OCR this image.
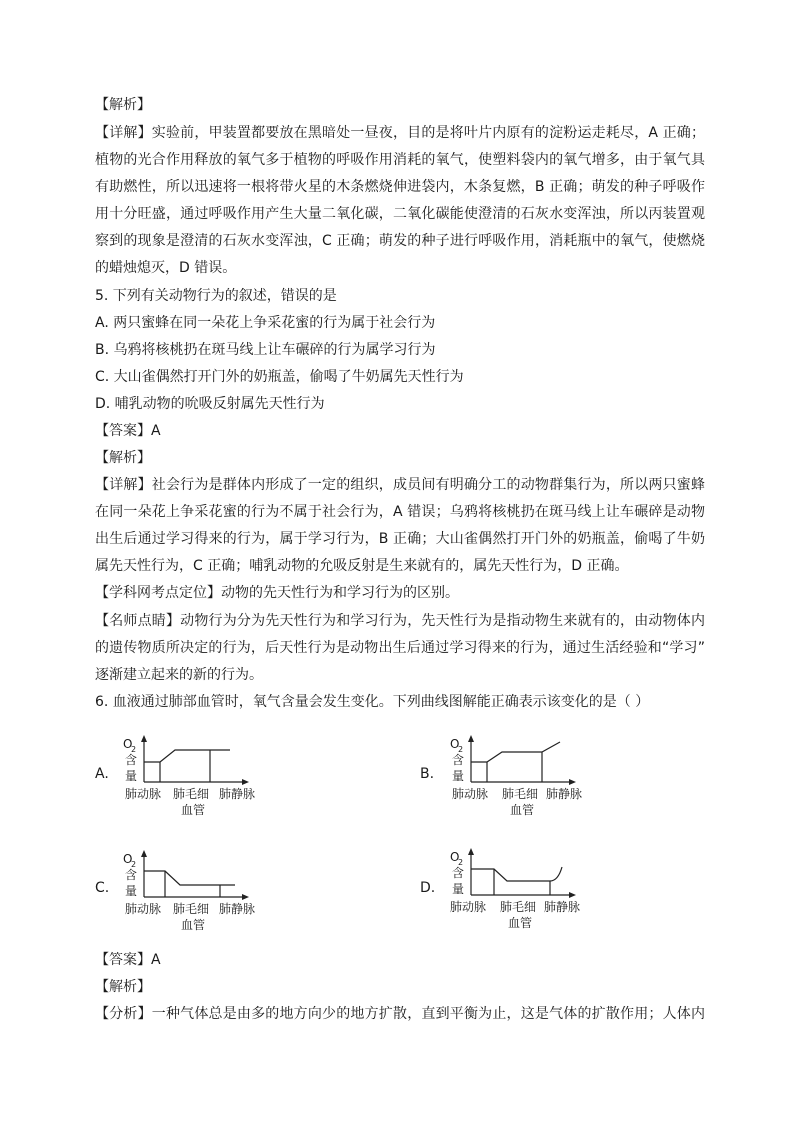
【解析】
【详解】实验前，甲装置都要放在黑暗处一昼夜，目的是将叶片内原有的淀粉运走耗尽，A 正确；
植物的光合作用释放的氧气多于植物的呼吸作用消耗的氧气，使塑料袋内的氧气增多，由于氧气具
有助燃性，所以迅速将一根将带火星的木条燃烧伸进袋内，木条复燃，B 正确；萌发的种子呼吸作
用十分旺盛，通过呼吸作用产生大量二氧化碳，二氧化碳能使澄清的石灰水变浑浊，所以丙装置观
察到的现象是澄清的石灰水变浑浊，C 正确；萌发的种子进行呼吸作用，消耗瓶中的氧气，使燃烧
的蜡烛熄灭，D 错误。
5. 下列有关动物行为的叙述，错误的是
A. 两只蜜蜂在同一朵花上争采花蜜的行为属于社会行为
B. 乌鸦将核桃扔在斑马线上让车碾碎的行为属学习行为
C. 大山雀偶然打开门外的奶瓶盖，偷喝了牛奶属先天性行为
D. 哺乳动物的吮吸反射属先天性行为
【答案】A
【解析】
【详解】社会行为是群体内形成了一定的组织，成员间有明确分工的动物群集行为，所以两只蜜蜂
在同一朵花上争采花蜜的行为不属于社会行为，A 错误；乌鸦将核桃扔在斑马线上让车碾碎是动物
出生后通过学习得来的行为，属于学习行为，B 正确；大山雀偶然打开门外的奶瓶盖，偷喝了牛奶
属先天性行为，C 正确；哺乳动物的允吸反射是生来就有的，属先天性行为，D 正确。
【学科网考点定位】动物的先天性行为和学习行为的区别。
【名师点睛】动物行为分为先天性行为和学习行为，先天性行为是指动物生来就有的，由动物体内
的遗传物质所决定的行为，后天性行为是动物出生后通过学习得来的行为，通过生活经验和“学习”
逐渐建立起来的新的行为。
6. 血液通过肺部血管时，氧气含量会发生变化。下列曲线图解能正确表示该变化的是（ ）
A.
O
2
含
量
肺动脉 肺毛细
血管
肺静脉
B.
O
2
含
量
肺动脉 肺毛细
血管
肺静脉
C.
O
2
含
量
肺动脉 肺毛细
血管
肺静脉
D.
O
2
含
量
肺动脉 肺毛细
血管
肺静脉
【答案】A
【解析】
【分析】一种气体总是由多的地方向少的地方扩散，直到平衡为止，这是气体的扩散作用；人体内
